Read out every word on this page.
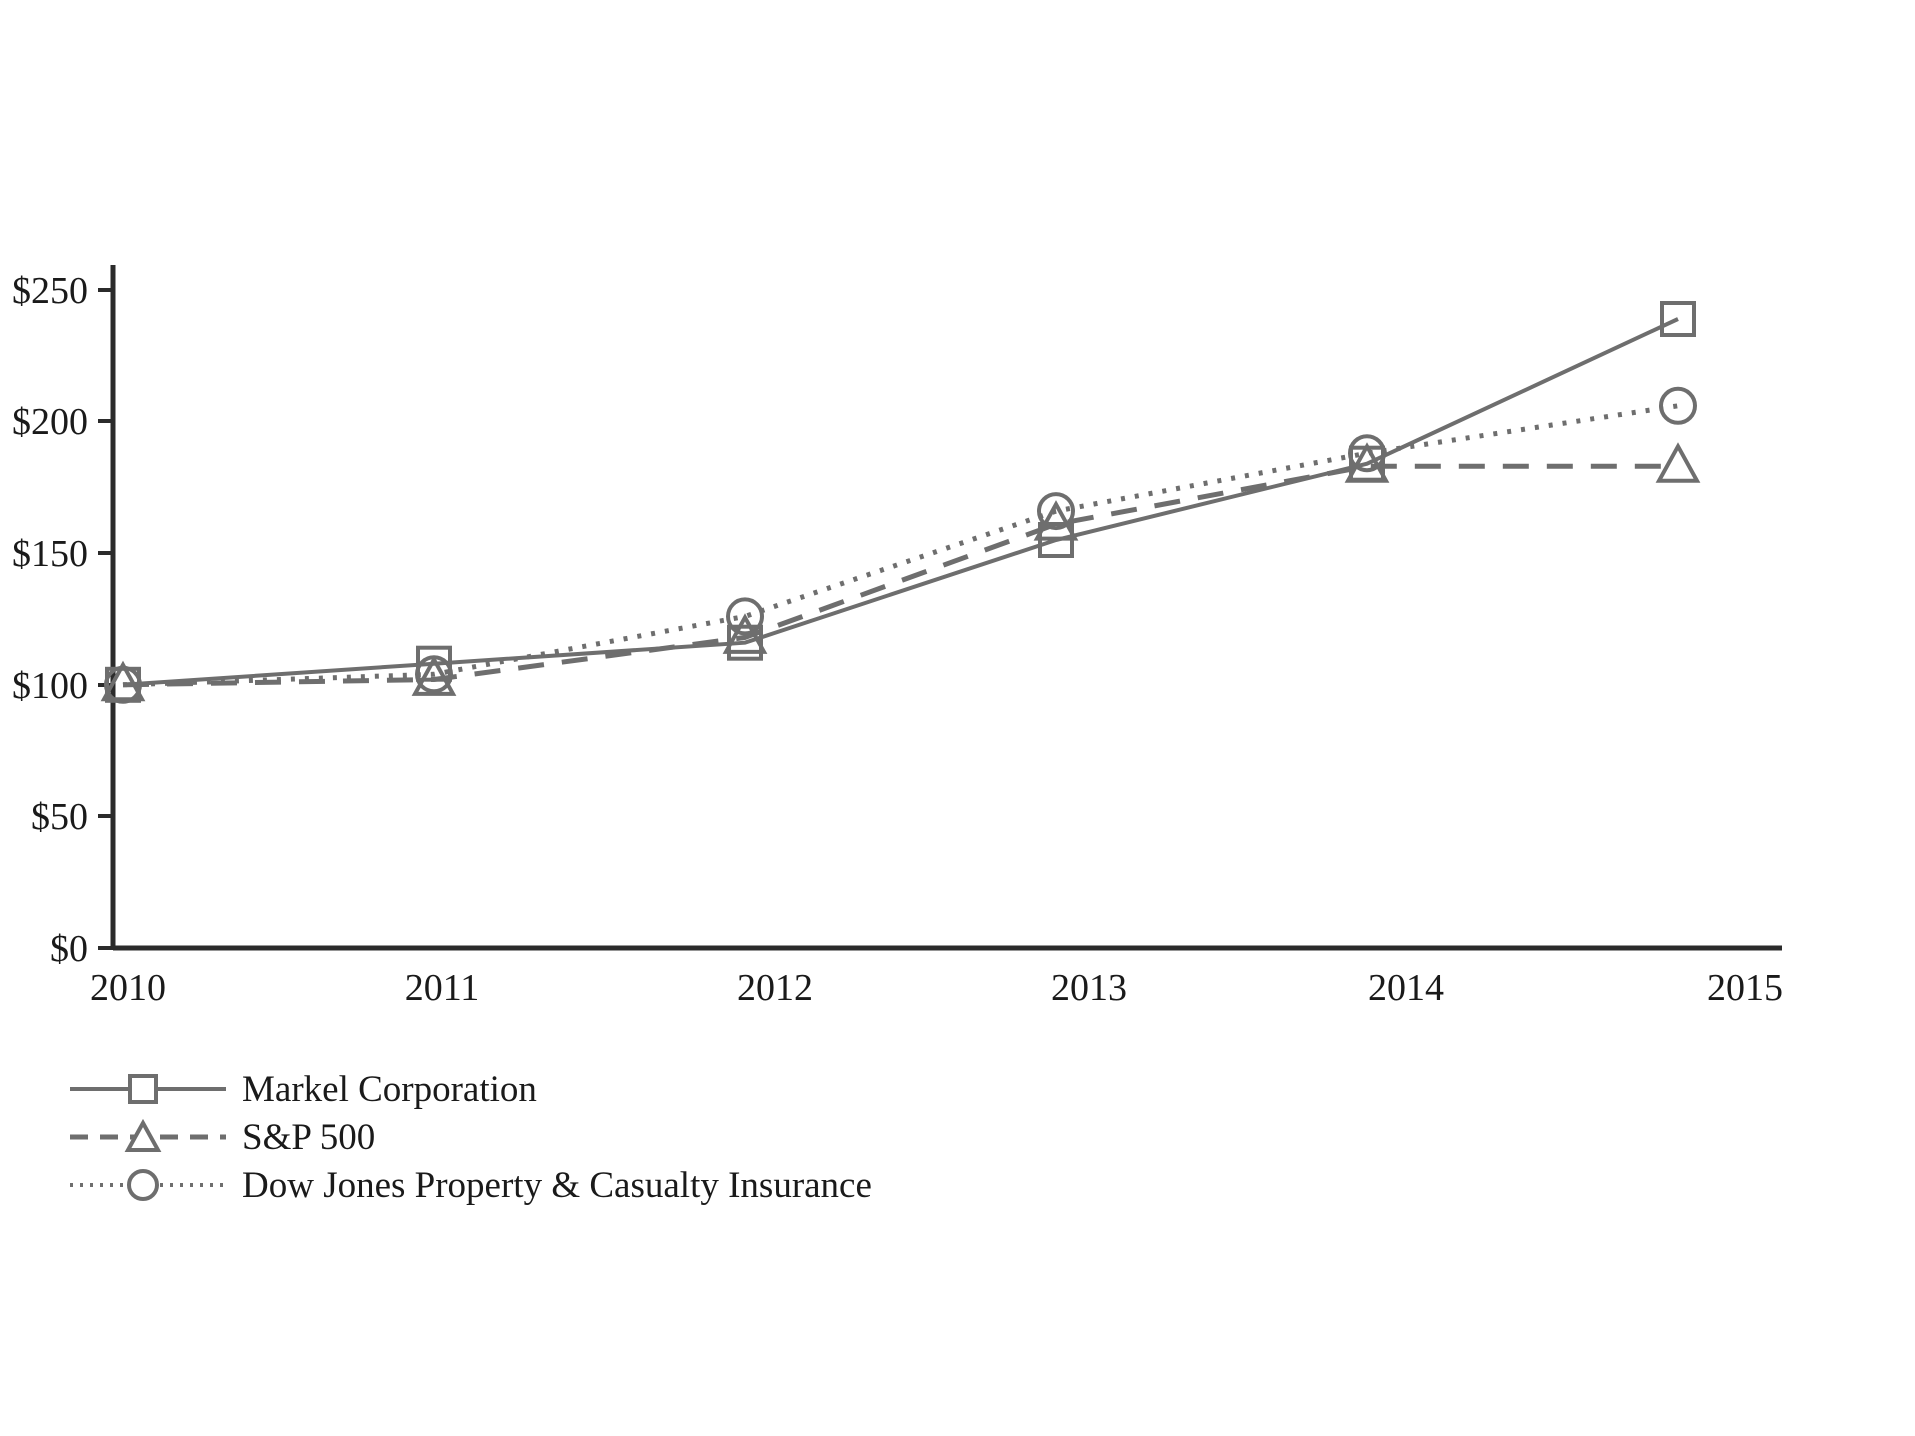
$250
$200
$150
$100
$50
$0
2010	2011	2012	2013	2014	2015
Markel Corporation
S&P 500
Dow Jones Property & Casualty Insurance
